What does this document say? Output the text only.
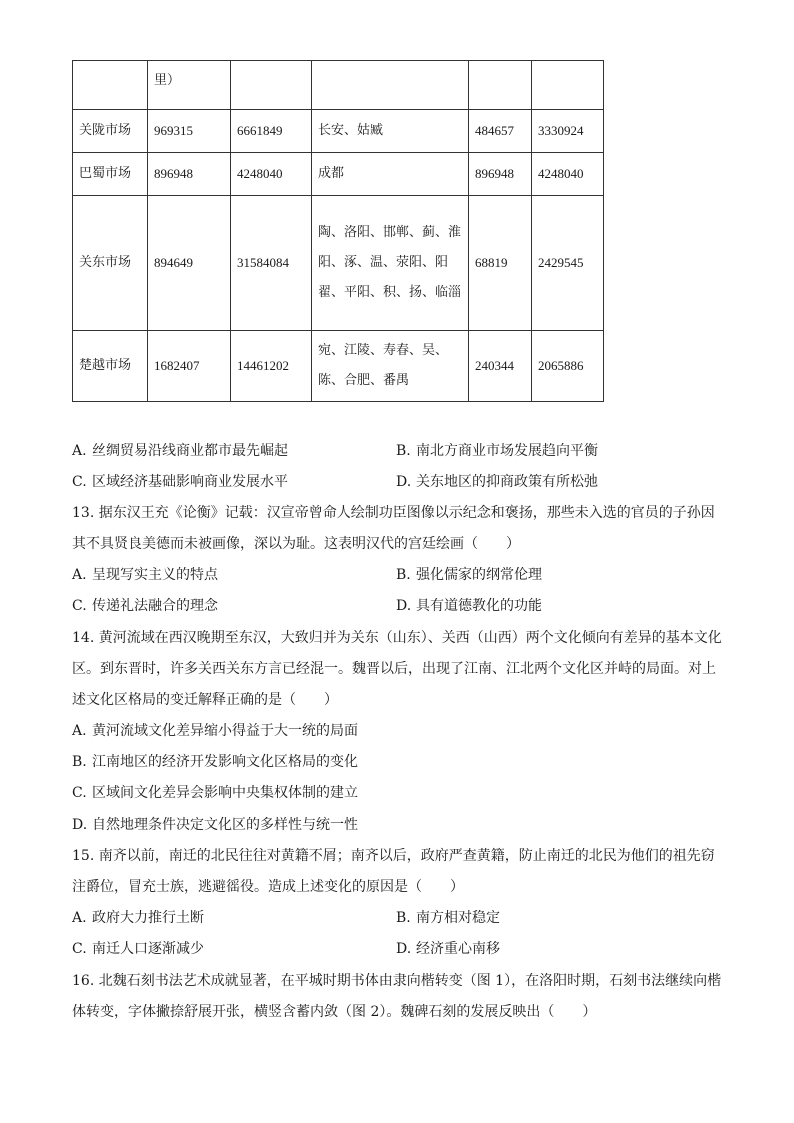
	里）				
关陇市场	969315	6661849	长安、姑臧	484657	3330924
巴蜀市场	896948	4248040	成都	896948	4248040
关东市场	894649	31584084	陶、洛阳、邯郸、蓟、淮阳、涿、温、荥阳、阳翟、平阳、积、扬、临淄	68819	2429545
楚越市场	1682407	14461202	宛、江陵、寿春、吴、陈、合肥、番禺	240344	2065886
A. 丝绸贸易沿线商业都市最先崛起	B. 南北方商业市场发展趋向平衡
C. 区域经济基础影响商业发展水平	D. 关东地区的抑商政策有所松弛
13. 据东汉王充《论衡》记载：汉宣帝曾命人绘制功臣图像以示纪念和褒扬，那些未入选的官员的子孙因
其不具贤良美德而未被画像，深以为耻。这表明汉代的宫廷绘画（　　）
A. 呈现写实主义的特点	B. 强化儒家的纲常伦理
C. 传递礼法融合的理念	D. 具有道德教化的功能
14. 黄河流域在西汉晚期至东汉，大致归并为关东（山东）、关西（山西）两个文化倾向有差异的基本文化
区。到东晋时，许多关西关东方言已经混一。魏晋以后，出现了江南、江北两个文化区并峙的局面。对上
述文化区格局的变迁解释正确的是（　　）
A. 黄河流域文化差异缩小得益于大一统的局面
B. 江南地区的经济开发影响文化区格局的变化
C. 区域间文化差异会影响中央集权体制的建立
D. 自然地理条件决定文化区的多样性与统一性
15. 南齐以前，南迁的北民往往对黄籍不屑；南齐以后，政府严查黄籍，防止南迁的北民为他们的祖先窃
注爵位，冒充士族，逃避徭役。造成上述变化的原因是（　　）
A. 政府大力推行土断	B. 南方相对稳定
C. 南迁人口逐渐减少	D. 经济重心南移
16. 北魏石刻书法艺术成就显著，在平城时期书体由隶向楷转变（图 1），在洛阳时期，石刻书法继续向楷
体转变，字体撇捺舒展开张，横竖含蓄内敛（图 2）。魏碑石刻的发展反映出（　　）
